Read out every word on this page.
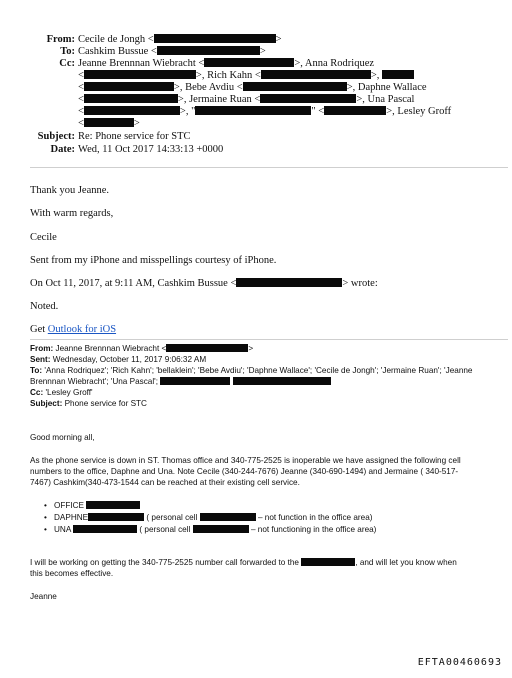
From: Cecile de Jongh <	>
To: Cashkim Bussue <	>
Cc: Jeanne Brennnan Wiebracht <	>, Anna Rodriquez
<	>, Rich Kahn <	>,
<	>, Bebe Avdiu <	>, Daphne Wallace
<	>, Jermaine Ruan <	>, Una Pascal
<	>, "	" <	>, Lesley Groff
<	>
Subject: Re: Phone service for STC
Date: Wed, 11 Oct 2017 14:33:13 +0000
Thank you Jeanne.
With warm regards,
Cecile
Sent from my iPhone and misspellings courtesy of iPhone.
On Oct 11, 2017, at 9:11 AM, Cashkim Bussue <	> wrote:
Noted.
Get Outlook for iOS
From: Jeanne Brennnan Wiebracht <	>
Sent: Wednesday, October 11, 2017 9:06:32 AM
To: 'Anna Rodriquez'; 'Rich Kahn'; 'bellaklein'; 'Bebe Avdiu'; 'Daphne Wallace'; 'Cecile de Jongh'; 'Jermaine Ruan'; 'Jeanne
Brennnan Wiebracht'; 'Una Pascal';
Cc: 'Lesley Groff'
Subject: Phone service for STC
Good morning all,
As the phone service is down in ST. Thomas office and 340-775-2525 is inoperable we have assigned the following cell
numbers to the office, Daphne and Una. Note Cecile (340-244-7676) Jeanne (340-690-1494) and Jermaine ( 340-517-
7467) Cashkim(340-473-1544 can be reached at their existing cell service.
• OFFICE
• DAPHNE	( personal cell	– not function in the office area)
• UNA	( personal cell	– not functioning in the office area)
I will be working on getting the 340-775-2525 number call forwarded to the	, and will let you know when
this becomes effective.
Jeanne
EFTA00460693
